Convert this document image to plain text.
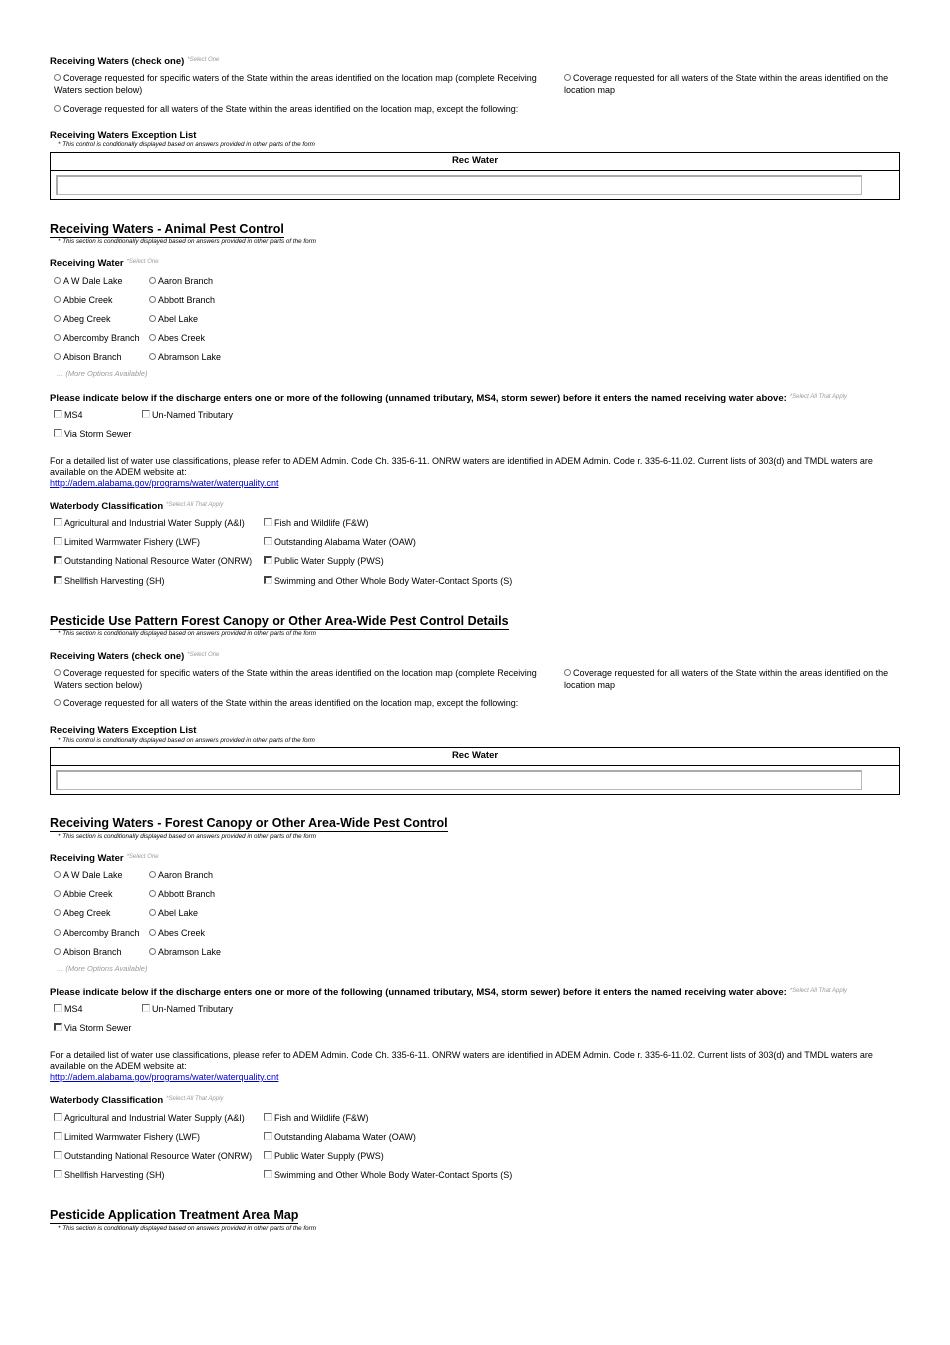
Receiving Waters (check one) $^{*Select One}$
Coverage requested for specific waters of the State within the areas identified on the location map (complete Receiving Waters section below)
Coverage requested for all waters of the State within the areas identified on the location map
Coverage requested for all waters of the State within the areas identified on the location map, except the following:
Receiving Waters Exception List
* This control is conditionally displayed based on answers provided in other parts of the form
Rec Water
Receiving Waters - Animal Pest Control
* This section is conditionally displayed based on answers provided in other parts of the form
Receiving Water $^{*Select One}$
A W Dale Lake	Aaron Branch
Abbie Creek	Abbott Branch
Abeg Creek	Abel Lake
Abercomby Branch	Abes Creek
Abison Branch	Abramson Lake
... (More Options Available)
Please indicate below if the discharge enters one or more of the following (unnamed tributary, MS4, storm sewer) before it enters the named receiving water above: $^{*Select All That Apply}$
MS4	Un-Named Tributary
Via Storm Sewer
For a detailed list of water use classifications, please refer to ADEM Admin. Code Ch. 335-6-11. ONRW waters are identified in ADEM Admin. Code r. 335-6-11.02. Current lists of 303(d) and TMDL waters are available on the ADEM website at:
http://adem.alabama.gov/programs/water/waterquality.cnt
Waterbody Classification $^{*Select All That Apply}$
Agricultural and Industrial Water Supply (A&I)	Fish and Wildlife (F&W)
Limited Warmwater Fishery (LWF)	Outstanding Alabama Water (OAW)
Outstanding National Resource Water (ONRW)	Public Water Supply (PWS)
Shellfish Harvesting (SH)	Swimming and Other Whole Body Water-Contact Sports (S)
Pesticide Use Pattern Forest Canopy or Other Area-Wide Pest Control Details
* This section is conditionally displayed based on answers provided in other parts of the form
Receiving Waters (check one) $^{*Select One}$
Coverage requested for specific waters of the State within the areas identified on the location map (complete Receiving Waters section below)
Coverage requested for all waters of the State within the areas identified on the location map
Coverage requested for all waters of the State within the areas identified on the location map, except the following:
Receiving Waters Exception List
* This control is conditionally displayed based on answers provided in other parts of the form
Rec Water
Receiving Waters - Forest Canopy or Other Area-Wide Pest Control
* This section is conditionally displayed based on answers provided in other parts of the form
Receiving Water $^{*Select One}$
A W Dale Lake	Aaron Branch
Abbie Creek	Abbott Branch
Abeg Creek	Abel Lake
Abercomby Branch	Abes Creek
Abison Branch	Abramson Lake
... (More Options Available)
Please indicate below if the discharge enters one or more of the following (unnamed tributary, MS4, storm sewer) before it enters the named receiving water above: $^{*Select All That Apply}$
MS4	Un-Named Tributary
Via Storm Sewer
For a detailed list of water use classifications, please refer to ADEM Admin. Code Ch. 335-6-11. ONRW waters are identified in ADEM Admin. Code r. 335-6-11.02. Current lists of 303(d) and TMDL waters are available on the ADEM website at:
http://adem.alabama.gov/programs/water/waterquality.cnt
Waterbody Classification $^{*Select All That Apply}$
Agricultural and Industrial Water Supply (A&I)	Fish and Wildlife (F&W)
Limited Warmwater Fishery (LWF)	Outstanding Alabama Water (OAW)
Outstanding National Resource Water (ONRW)	Public Water Supply (PWS)
Shellfish Harvesting (SH)	Swimming and Other Whole Body Water-Contact Sports (S)
Pesticide Application Treatment Area Map
* This section is conditionally displayed based on answers provided in other parts of the form
